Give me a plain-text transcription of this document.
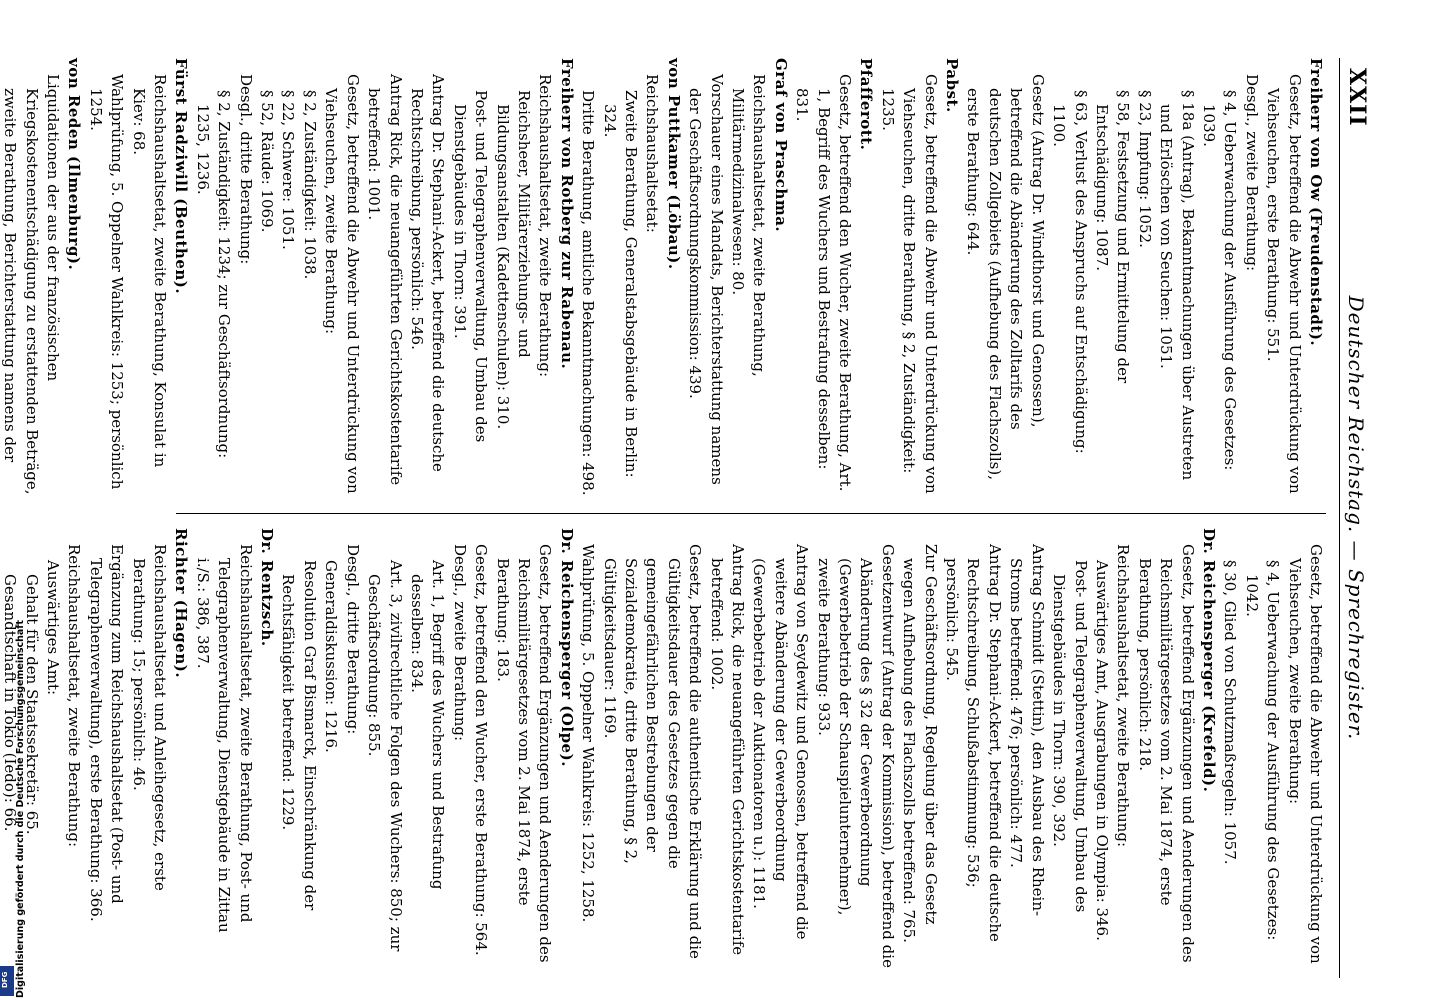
XXII
Deutscher Reichstag. — Sprechregister.

Freiherr von Ow (Freudenstadt).

Gesetz, betreffend die Abwehr und Unterdrückung von Viehseuchen, erste Berathung: 551.

Desgl., zweite Berathung:

§ 4, Ueberwachung der Ausführung des Gesetzes: 1039.

§ 18a (Antrag), Bekanntmachungen über Austreten und Erlöschen von Seuchen: 1051.

§ 23, Impfung: 1052.

§ 58, Festsetzung und Ermittelung der Entschädigung: 1087.

§ 63, Verlust des Anspruchs auf Entschädigung: 1100.

Gesetz (Antrag Dr. Windthorst und Genossen), betreffend die Abänderung des Zolltarifs des deutschen Zollgebiets (Aufhebung des Flachszolls), erste Berathung: 644.

Pabst.

Gesetz, betreffend die Abwehr und Unterdrückung von Viehseuchen, dritte Berathung, § 2, Zuständigkeit: 1235.

Pfafferott.

Gesetz, betreffend den Wucher, zweite Berathung, Art. 1, Begriff des Wuchers und Bestrafung desselben: 831.

Graf von Praschma.

Reichshaushaltsetat, zweite Berathung, Militärmedizinalwesen: 80.

Vorschauer eines Mandats, Berichterstattung namens der Geschäftsordnungskommission: 439.

von Puttkamer (Löbau).

Reichshaushaltsetat:

Zweite Berathung, Generalstabsgebäude in Berlin: 324.

Dritte Berathung, amtliche Bekanntmachungen: 498.

Freiherr von Rotberg zur Rabenau.

Reichshaushaltsetat, zweite Berathung:

Reichsheer, Militärerziehungs- und Bildungsanstalten (Kadettenschulen): 310.

Post- und Telegraphenverwaltung, Umbau des Dienstgebäudes in Thorn: 391.

Antrag Dr. Stephani-Ackert, betreffend die deutsche Rechtschreibung, persönlich: 546.

Antrag Rick, die neuangeführten Gerichtskostentarife betreffend: 1001.

Gesetz, betreffend die Abwehr und Unterdrückung von Viehseuchen, zweite Berathung:

§ 2, Zuständigkeit: 1038.

§ 22, Schwere: 1051.

§ 52, Räude: 1069.

Desgl., dritte Berathung:

§ 2, Zuständigkeit: 1234; zur Geschäftsordnung: 1235, 1236.

Fürst Radziwill (Beuthen).

Reichshaushaltsetat, zweite Berathung, Konsulat in Kiev: 68.

Wahlprüfung, 5. Oppelner Wahlkreis: 1253; persönlich 1254.

von Reden (Ilmenburg).

Liquidationen der aus der französischen Kriegskostenentschädigung zu erstattenden Beträge, zweite Berathung, Berichterstattung namens der

Gesetz, betreffend die Abwehr und Unterdrückung von Viehseuchen, zweite Berathung:

§ 4, Ueberwachung der Ausführung des Gesetzes: 1042.

§ 30, Glied von Schutzmaßregeln: 1057.

Dr. Reichensperger (Krefeld).

Gesetz, betreffend Ergänzungen und Aenderungen des Reichsmilitärgesetzes vom 2. Mai 1874, erste Berathung, persönlich: 218.

Reichshaushaltsetat, zweite Berathung:

Auswärtiges Amt, Ausgrabungen in Olympia: 346.

Post- und Telegraphenverwaltung, Umbau des Dienstgebäudes in Thorn: 390, 392.

Antrag Schmidt (Stettin), den Ausbau des Rhein-Stroms betreffend: 476; persönlich: 477.

Antrag Dr. Stephani-Ackert, betreffend die deutsche Rechtschreibung, Schlußabstimmung: 536; persönlich: 545.

Zur Geschäftsordnung, Regelung über das Gesetz wegen Aufhebung des Flachszolls betreffend: 765.

Gesetzentwurf (Antrag der Kommission), betreffend die Abänderung des § 32 der Gewerbeordnung (Gewerbebetrieb der Schauspielunternehmer), zweite Berathung: 933.

Antrag von Seydewitz und Genossen, betreffend die weitere Abänderung der Gewerbeordnung (Gewerbebetrieb der Auktionatoren u.): 1181.

Antrag Rick, die neuangeführten Gerichtskostentarife betreffend: 1002.

Gesetz, betreffend die authentische Erklärung und die Gültigkeitsdauer des Gesetzes gegen die gemeingefährlichen Bestrebungen der Sozialdemokratie, dritte Berathung, § 2, Gültigkeitsdauer: 1169.

Wahlprüfung, 5. Oppelner Wahlkreis: 1252, 1258.

Dr. Reichensperger (Olpe).

Gesetz, betreffend Ergänzungen und Aenderungen des Reichsmilitärgesetzes vom 2. Mai 1874, erste Berathung: 183.

Gesetz, betreffend den Wucher, erste Berathung: 564.

Desgl., zweite Berathung:

Art. 1, Begriff des Wuchers und Bestrafung desselben: 834.

Art. 3, zivilrechtliche Folgen des Wuchers: 850; zur Geschäftsordnung: 855.

Desgl., dritte Berathung:

Generaldiskussion: 1216.

Resolution Graf Bismarck, Einschränkung der Rechtsfähigkeit betreffend: 1229.

Dr. Rentzsch.

Reichshaushaltsetat, zweite Berathung, Post- und Telegraphenverwaltung, Dienstgebäude in Zittau i./S.: 386, 387.

Richter (Hagen).

Reichshaushaltsetat und Anleihegesetz, erste Berathung: 15; persönlich: 46.

Ergänzung zum Reichshaushaltsetat (Post- und Telegraphenverwaltung), erste Berathung: 366.

Reichshaushaltsetat, zweite Berathung:

Auswärtiges Amt:

Gehalt für den Staatssekretär: 65.

Gesandtschaft in Tokio (Iedo): 66.

Digitalisierung gefördert durch die Deutsche Forschungsgemeinschaft
DFG
